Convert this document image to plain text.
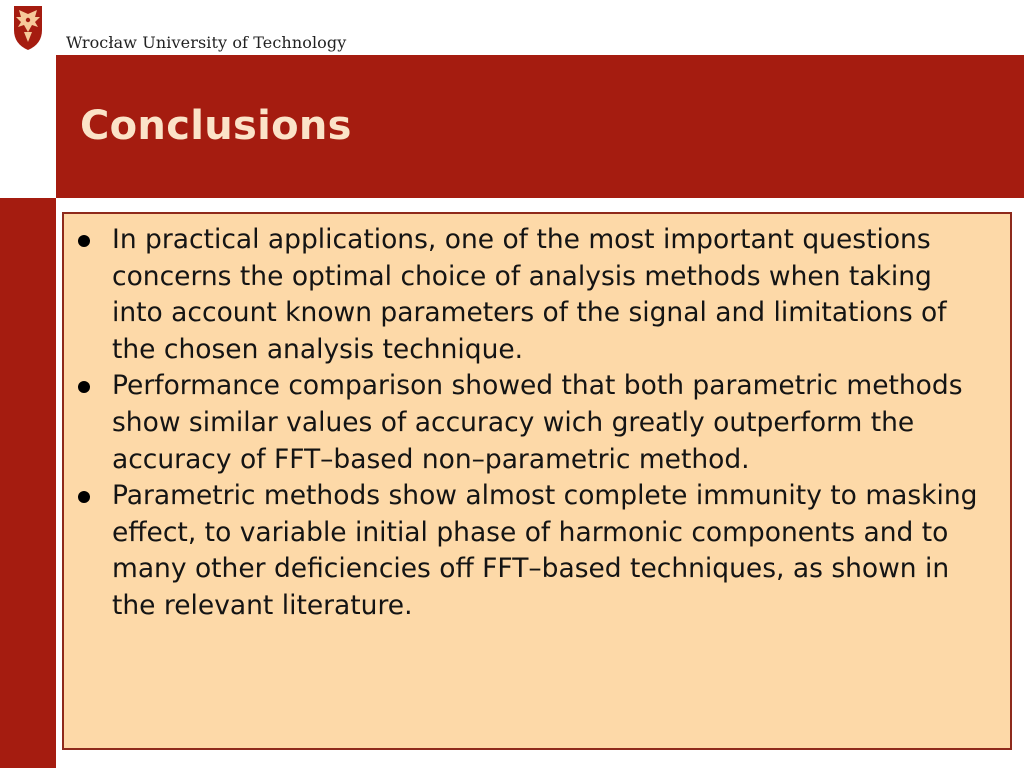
Wrocław University of Technology
Conclusions
In practical applications, one of the most important questions concerns the optimal choice of analysis methods when taking into account known parameters of the signal and limitations of the chosen analysis technique.
Performance comparison showed that both parametric methods show similar values of accuracy wich greatly outperform the accuracy of FFT–based non–parametric method.
Parametric methods show almost complete immunity to masking effect, to variable initial phase of harmonic components and to many other deficiencies off FFT–based techniques, as shown in the relevant literature.
